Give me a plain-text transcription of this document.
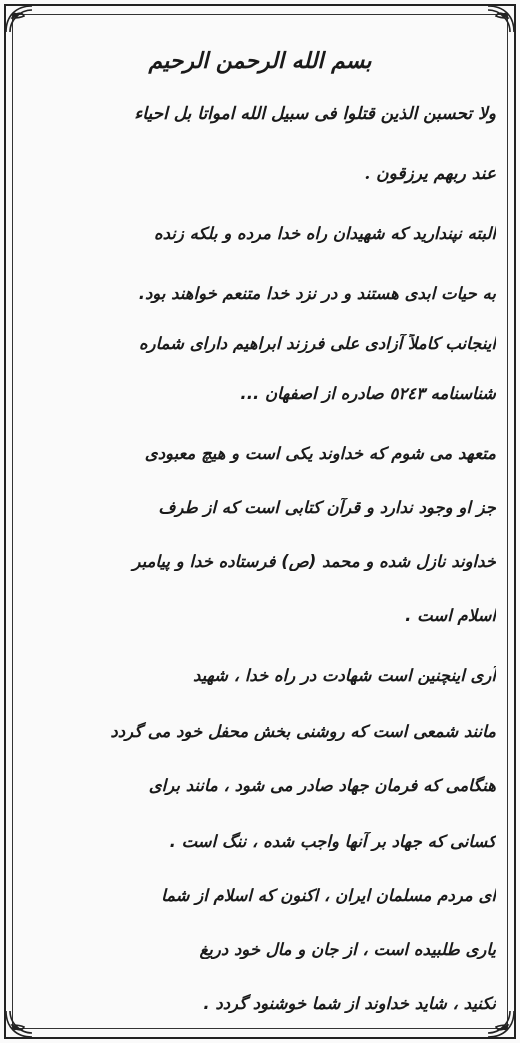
بسم الله الرحمن الرحیم
ولا تحسبن الذین قتلوا فی سبیل الله امواتا بل احیاء
عند ربهم یرزقون .
البته نپندارید که شهیدان راه خدا مرده و بلکه زنده
به حیات ابدی هستند و در نزد خدا متنعم خواهند بود.
اینجانب کاملاً آزادی علی فرزند ابراهیم دارای شماره
شناسنامه ٥٢٤٣ صادره از اصفهان ...
متعهد می شوم که خداوند یکی است و هیچ معبودی
جز او وجود ندارد و قرآن کتابی است که از طرف
خداوند نازل شده و محمد (ص) فرستاده خدا و پیامبر
اسلام است .
آری اینچنین است شهادت در راه خدا ، شهید
مانند شمعی است که روشنی بخش محفل خود می گردد
هنگامی که فرمان جهاد صادر می شود ، مانند برای
کسانی که جهاد بر آنها واجب شده ، ننگ است .
ای مردم مسلمان ایران ، اکنون که اسلام از شما
یاری طلبیده است ، از جان و مال خود دریغ
نکنید ، شاید خداوند از شما خوشنود گردد .
